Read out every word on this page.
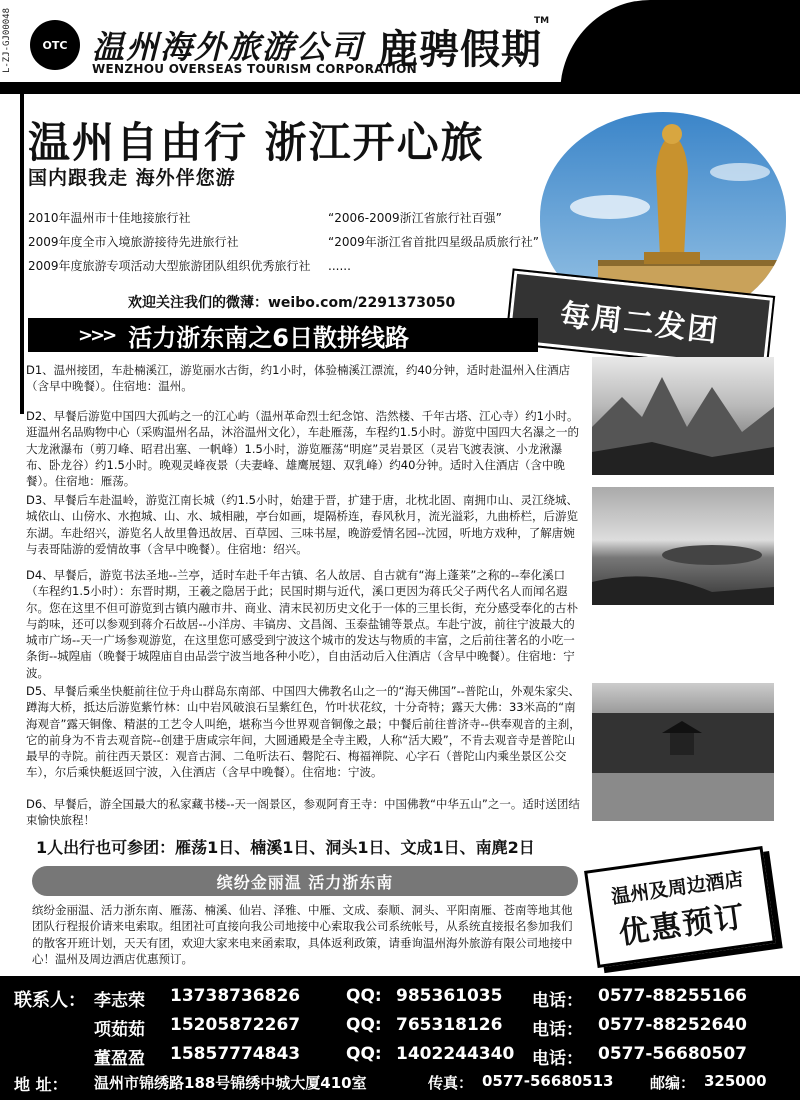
L-ZJ-GJ00048	OTC 温州海外旅游公司
WENZHOU OVERSEAS TOURISM CORPORATION
鹿骋假期
TM
温州自由行 浙江开心旅
国内跟我走 海外伴您游
2010年温州市十佳地接旅行社	“2006-2009浙江省旅行社百强”
2009年度全市入境旅游接待先进旅行社	“2009年浙江省首批四星级品质旅行社”
2009年度旅游专项活动大型旅游团队组织优秀旅行社 ......
欢迎关注我们的微薄：weibo.com/2291373050	每周二发团
>>> 活力浙东南之6日散拼线路
D1、温州接团，车赴楠溪江，游览丽水古街，约1小时，体验楠溪江漂流，约40分钟，适时赴温州入住酒店（含早中晚餐）。住宿地：温州。
D2、早餐后游览中国四大孤屿之一的江心屿（温州革命烈士纪念馆、浩然楼、千年古塔、江心寺）约1小时。逛温州名品购物中心（采购温州名品，沐浴温州文化），车赴雁荡，车程约1.5小时。游览中国四大名瀑之一的大龙湫瀑布（剪刀峰、昭君出塞、一帆峰）1.5小时，游览雁荡“明庭”灵岩景区（灵岩飞渡表演、小龙湫瀑布、卧龙谷）约1.5小时。晚观灵峰夜景（夫妻峰、雄鹰展翅、双乳峰）约40分钟。适时入住酒店（含中晚餐）。住宿地：雁荡。
D3、早餐后车赴温岭，游览江南长城（约1.5小时，始建于晋，扩建于唐，北枕北固、南拥巾山、灵江绕城、城依山、山傍水、水抱城、山、水、城相融，亭台如画，堤隔桥连，春风秋月，流光溢彩，九曲桥栏，后游览东湖。车赴绍兴，游览名人故里鲁迅故居、百草园、三味书屋，晚游爱情名园--沈园，听地方戏种，了解唐婉与表哥陆游的爱情故事（含早中晚餐）。住宿地：绍兴。
D4、早餐后，游览书法圣地--兰亭，适时车赴千年古镇、名人故居、自古就有“海上蓬莱”之称的--奉化溪口（车程约1.5小时）：东晋时期，王羲之隐居于此；民国时期与近代，溪口更因为蒋氏父子两代名人而闻名遐尔。您在这里不但可游览到古镇内融市井、商业、清末民初历史文化于一体的三里长街，充分感受奉化的古朴与韵味，还可以参观到蒋介石故居--小洋房、丰镐房、文昌阁、玉泰盐铺等景点。车赴宁波，前往宁波最大的城市广场--天一广场参观游览，在这里您可感受到宁波这个城市的发达与物质的丰富，之后前往著名的小吃一条街--城隍庙（晚餐于城隍庙自由品尝宁波当地各种小吃），自由活动后入住酒店（含早中晚餐）。住宿地：宁波。
D5、早餐后乘坐快艇前往位于舟山群岛东南部、中国四大佛教名山之一的“海天佛国”--普陀山，外观朱家尖、蹲海大桥，抵达后游览紫竹林：山中岩风破浪石呈紫红色，竹叶状花纹，十分奇特；露天大佛：33米高的“南海观音”露天铜像、精湛的工艺令人叫绝，堪称当今世界观音铜像之最；中餐后前往普济寺--供奉观音的主刹，它的前身为不肯去观音院--创建于唐咸宗年间，大圆通殿是全寺主殿，人称“活大殿”，不肯去观音寺是普陀山最早的寺院。前往西天景区：观音古洞、二龟听法石、磐陀石、梅福禅院、心字石（普陀山内乘坐景区公交车），尔后乘快艇返回宁波，入住酒店（含早中晚餐）。住宿地：宁波。
D6、早餐后，游全国最大的私家藏书楼--天一阁景区，参观阿育王寺：中国佛教“中华五山”之一。适时送团结束愉快旅程！
1人出行也可参团：雁荡1日、楠溪1日、洞头1日、文成1日、南麂2日
缤纷金丽温 活力浙东南
缤纷金丽温、活力浙东南、雁荡、楠溪、仙岩、泽雅、中雁、文成、泰顺、洞头、平阳南雁、苍南等地其他团队行程报价请来电索取。组团社可直接向我公司地接中心索取我公司系统帐号，从系统直接报名参加我们的散客开班计划，天天有团，欢迎大家来电来函索取，具体返利政策，请垂询温州海外旅游有限公司地接中心！温州及周边酒店优惠预订。
温州及周边酒店
优惠预订
联系人： 李志荣 13738736826	QQ: 985361035 电话： 0577-88255166
项茹茹 15205872267	QQ: 765318126 电话： 0577-88252640
董盈盈 15857774843	QQ: 1402244340 电话： 0577-56680507
地 址： 温州市锦绣路188号锦绣中城大厦410室	传真： 0577-56680513 邮编： 325000
